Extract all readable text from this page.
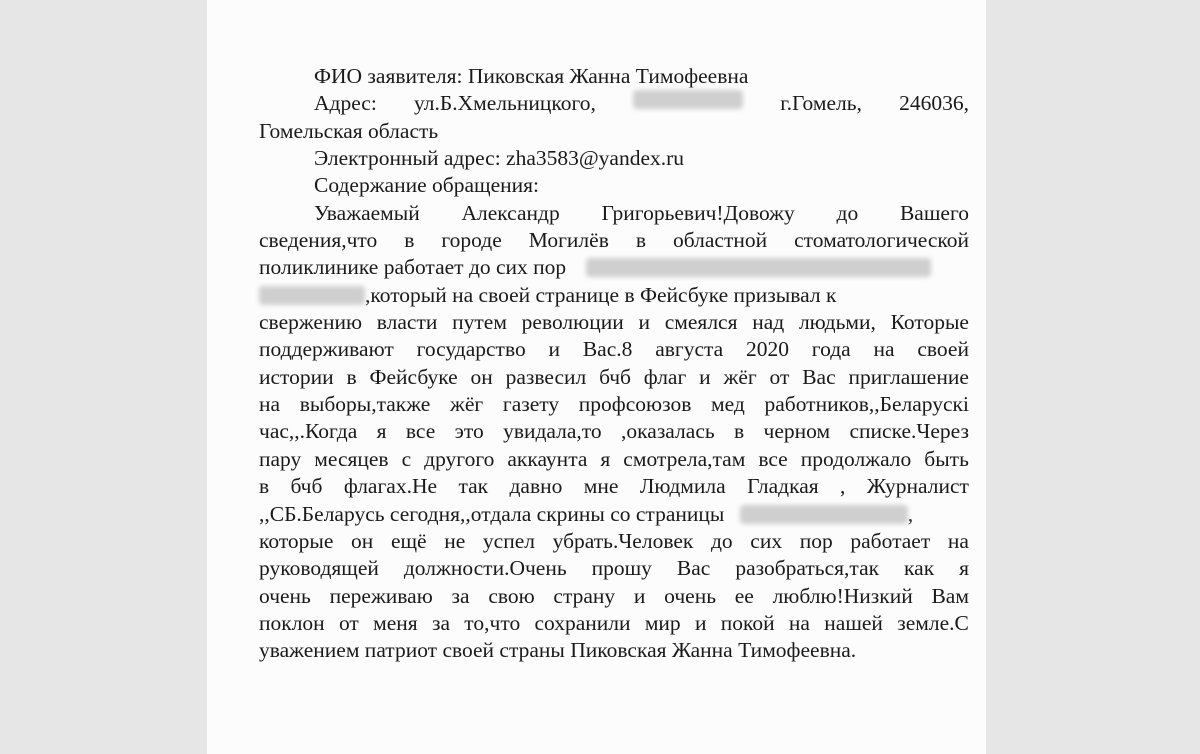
ФИО заявителя: Пиковская Жанна Тимофеевна
Адрес: ул.Б.Хмельницкого,	г.Гомель, 246036,
Гомельская область
Электронный адрес: zha3583@yandex.ru
Содержание обращения:
Уважаемый Александр Григорьевич!Довожу до Вашего
сведения,что в городе Могилёв в областной стоматологической
поликлинике работает до сих пор
,который на своей странице в Фейсбуке призывал к
свержению власти путем революции и смеялся над людьми, Которые
поддерживают государство и Вас.8 августа 2020 года на своей
истории в Фейсбуке он развесил бчб флаг и жёг от Вас приглашение
на выборы,также жёг газету профсоюзов мед работников,,Беларускі
час,,.Когда я все это увидала,то ,оказалась в черном списке.Через
пару месяцев с другого аккаунта я смотрела,там все продолжало быть
в бчб флагах.Не так давно мне Людмила Гладкая , Журналист
,,СБ.Беларусь сегодня,,отдала скрины со страницы	,
которые он ещё не успел убрать.Человек до сих пор работает на
руководящей должности.Очень прошу Вас разобраться,так как я
очень переживаю за свою страну и очень ее люблю!Низкий Вам
поклон от меня за то,что сохранили мир и покой на нашей земле.С
уважением патриот своей страны Пиковская Жанна Тимофеевна.
